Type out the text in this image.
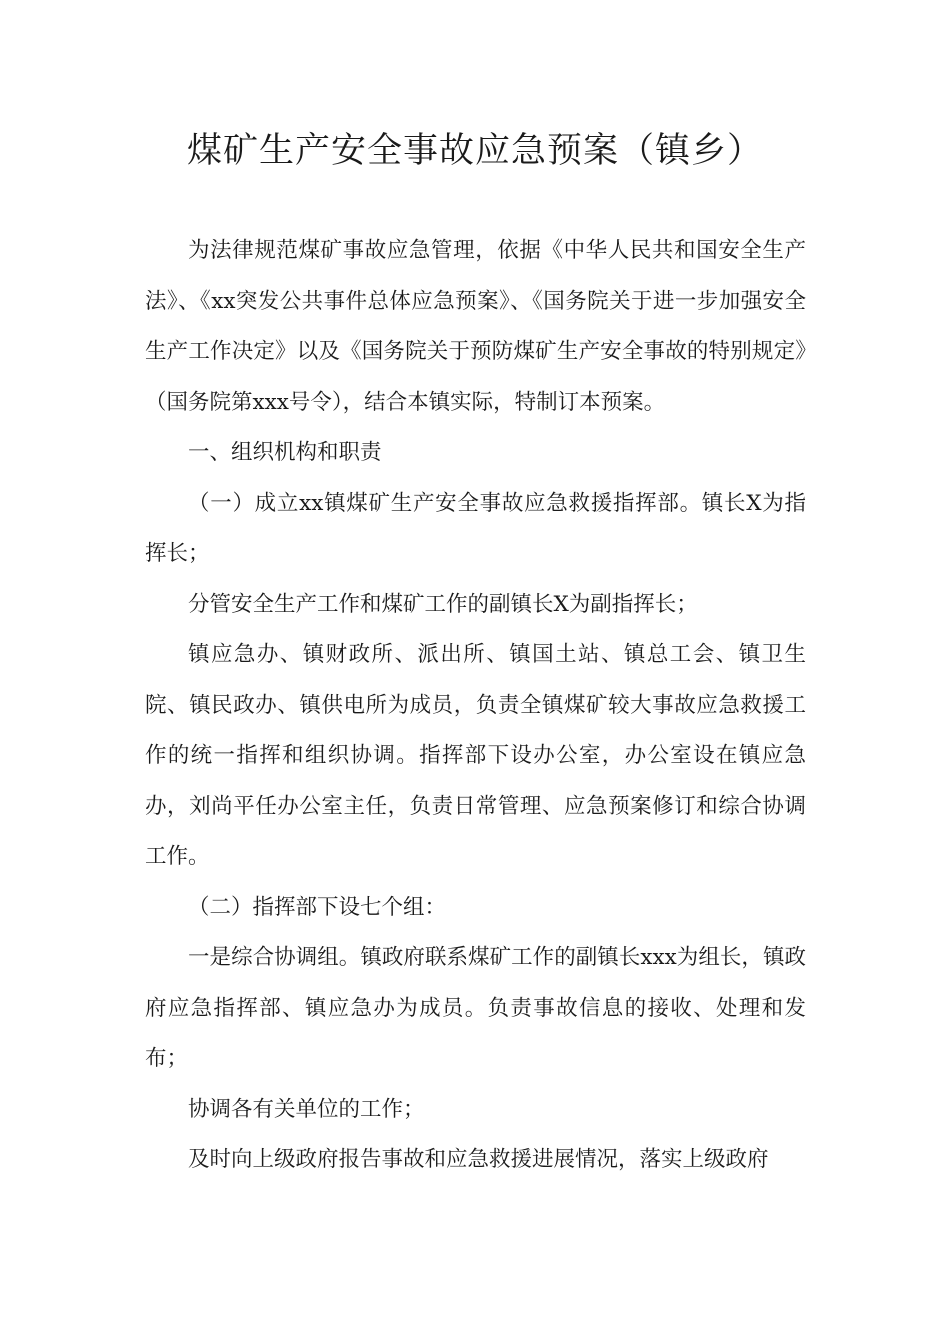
煤矿生产安全事故应急预案（镇乡）

为法律规范煤矿事故应急管理，依据《中华人民共和国安全生产法》、《xx突发公共事件总体应急预案》、《国务院关于进一步加强安全生产工作决定》以及《国务院关于预防煤矿生产安全事故的特别规定》（国务院第xxx号令），结合本镇实际，特制订本预案。

一、组织机构和职责

（一）成立xx镇煤矿生产安全事故应急救援指挥部。镇长X为指挥长；

分管安全生产工作和煤矿工作的副镇长X为副指挥长；

镇应急办、镇财政所、派出所、镇国土站、镇总工会、镇卫生院、镇民政办、镇供电所为成员，负责全镇煤矿较大事故应急救援工作的统一指挥和组织协调。指挥部下设办公室，办公室设在镇应急办，刘尚平任办公室主任，负责日常管理、应急预案修订和综合协调工作。

（二）指挥部下设七个组：

一是综合协调组。镇政府联系煤矿工作的副镇长xxx为组长，镇政府应急指挥部、镇应急办为成员。负责事故信息的接收、处理和发布；

协调各有关单位的工作；

及时向上级政府报告事故和应急救援进展情况，落实上级政府
